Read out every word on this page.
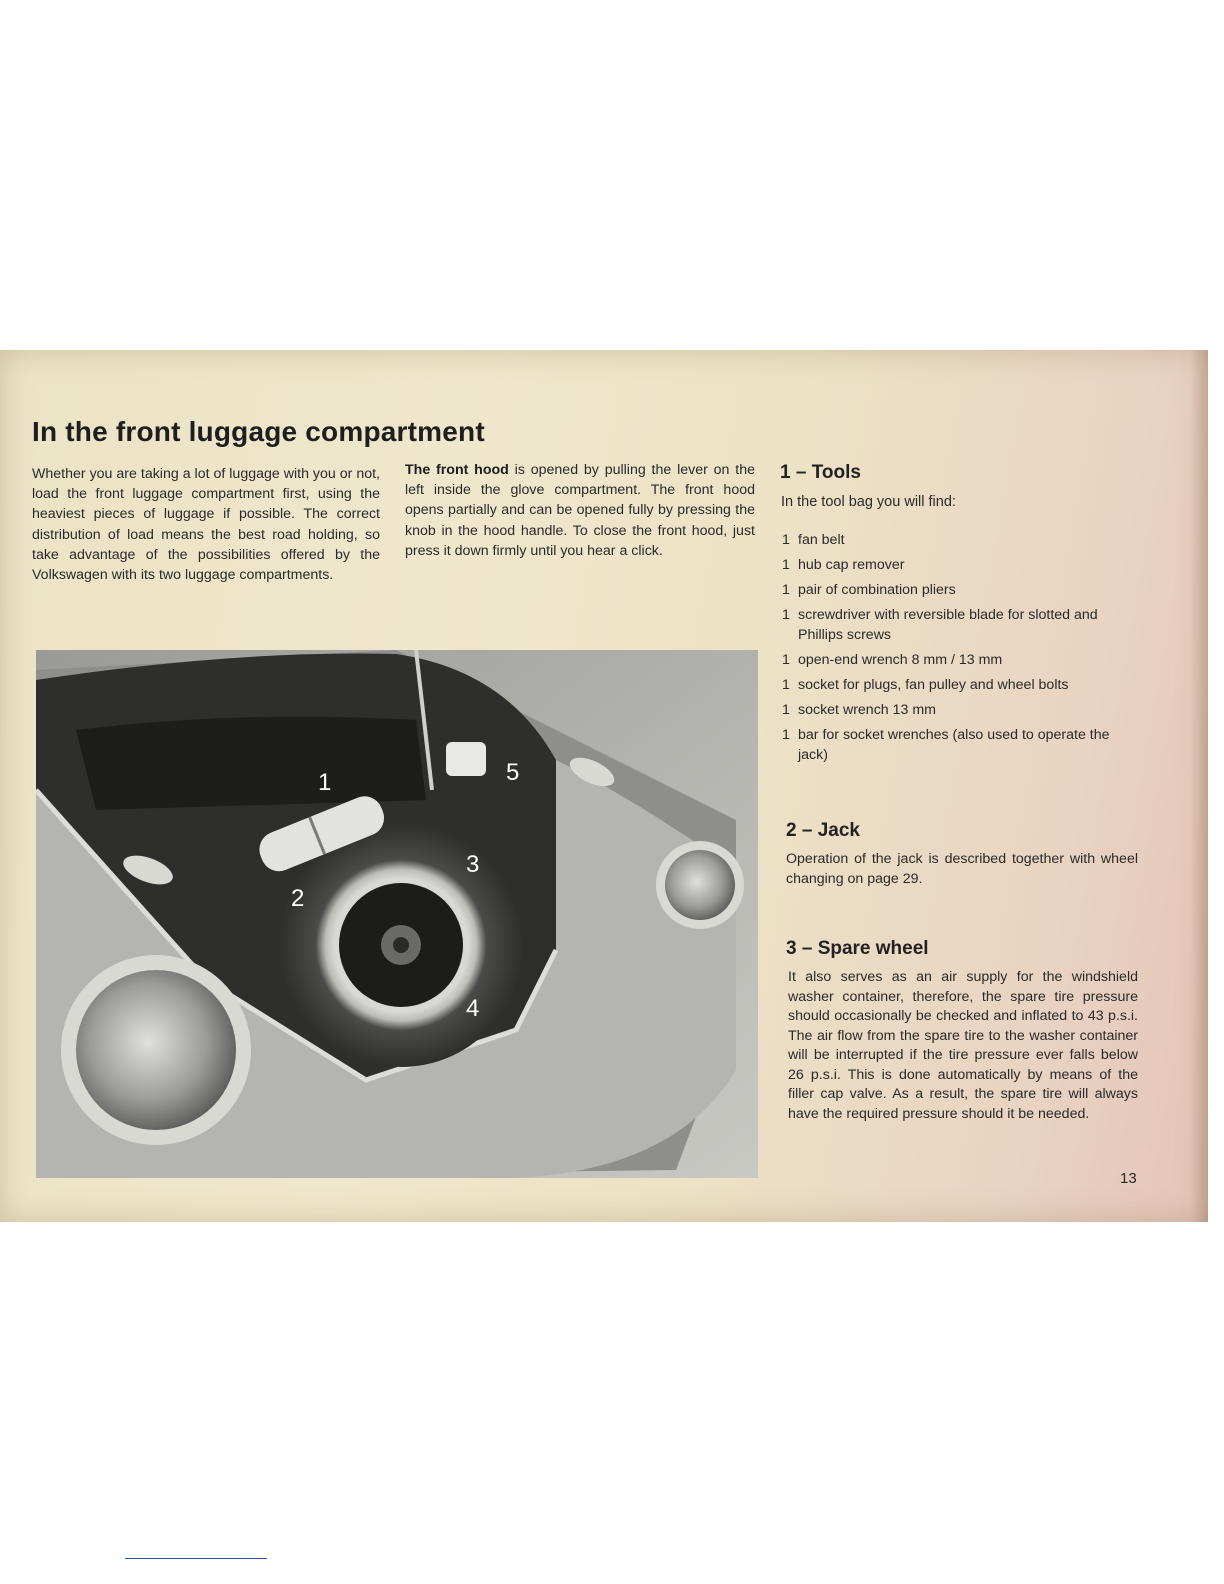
In the front luggage compartment

Whether you are taking a lot of luggage with you or not, load the front luggage compartment first, using the heaviest pieces of luggage if possible. The correct distribution of load means the best road holding, so take advantage of the possibilities offered by the Volkswagen with its two luggage compartments.

The front hood is opened by pulling the lever on the left inside the glove compartment. The front hood opens partially and can be opened fully by pressing the knob in the hood handle. To close the front hood, just press it down firmly until you hear a click.

1
2
3
4
5
1 – Tools
In the tool bag you will find:
1 fan belt
1 hub cap remover
1 pair of combination pliers
1 screwdriver with reversible blade for slotted and Phillips screws
1 open-end wrench 8 mm / 13 mm
1 socket for plugs, fan pulley and wheel bolts
1 socket wrench 13 mm
1 bar for socket wrenches (also used to operate the jack)
2 – Jack

Operation of the jack is described together with wheel changing on page 29.

3 – Spare wheel

It also serves as an air supply for the windshield washer container, therefore, the spare tire pressure should occasionally be checked and inflated to 43 p.s.i. The air flow from the spare tire to the washer container will be interrupted if the tire pressure ever falls below 26 p.s.i. This is done automatically by means of the filler cap valve. As a result, the spare tire will always have the required pressure should it be needed.

13
